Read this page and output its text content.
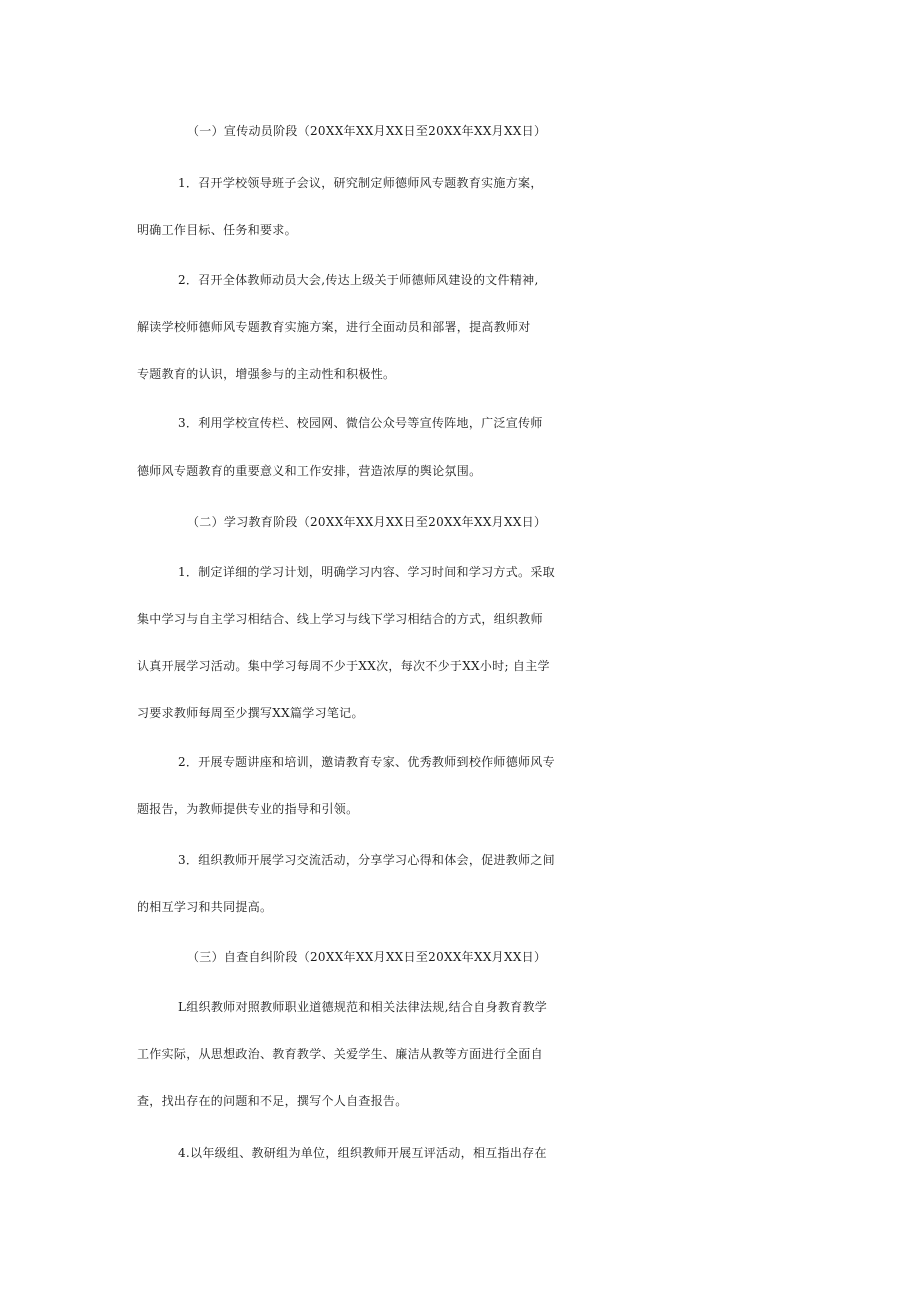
（一）宣传动员阶段（20XX年XX月XX日至20XX年XX月XX日）
1．召开学校领导班子会议，研究制定师德师风专题教育实施方案，
明确工作目标、任务和要求。
2．召开全体教师动员大会,传达上级关于师德师风建设的文件精神,
解读学校师德师风专题教育实施方案，进行全面动员和部署，提高教师对
专题教育的认识，增强参与的主动性和积极性。
3．利用学校宣传栏、校园网、微信公众号等宣传阵地，广泛宣传师
德师风专题教育的重要意义和工作安排，营造浓厚的舆论氛围。
（二）学习教育阶段（20XX年XX月XX日至20XX年XX月XX日）
1．制定详细的学习计划，明确学习内容、学习时间和学习方式。采取
集中学习与自主学习相结合、线上学习与线下学习相结合的方式，组织教师
认真开展学习活动。集中学习每周不少于XX次，每次不少于XX小时; 自主学
习要求教师每周至少撰写XX篇学习笔记。
2．开展专题讲座和培训，邀请教育专家、优秀教师到校作师德师风专
题报告，为教师提供专业的指导和引领。
3．组织教师开展学习交流活动，分享学习心得和体会，促进教师之间
的相互学习和共同提高。
（三）自查自纠阶段（20XX年XX月XX日至20XX年XX月XX日）
L组织教师对照教师职业道德规范和相关法律法规,结合自身教育教学
工作实际，从思想政治、教育教学、关爱学生、廉洁从教等方面进行全面自
查，找出存在的问题和不足，撰写个人自查报告。
4.以年级组、教研组为单位，组织教师开展互评活动，相互指出存在
